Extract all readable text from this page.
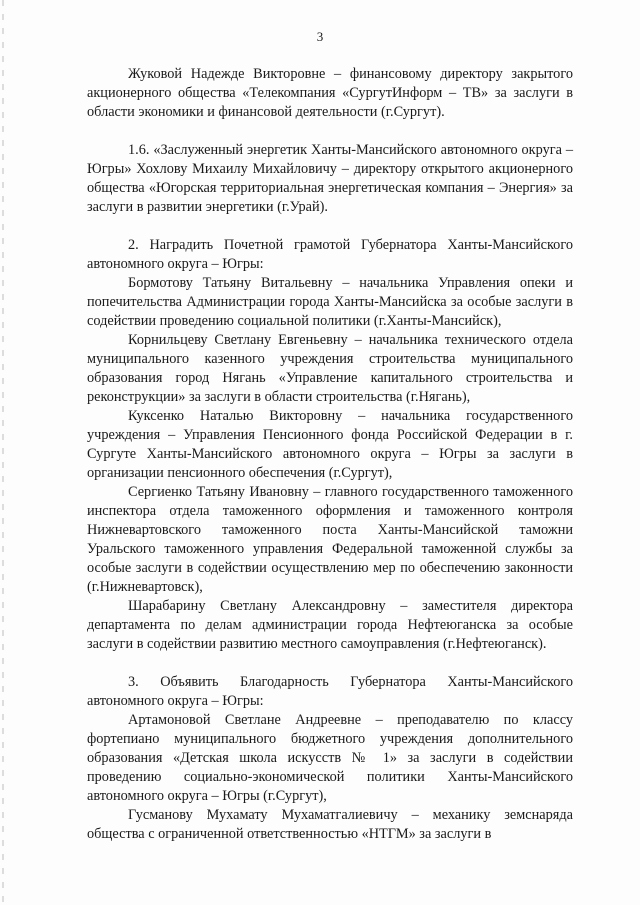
3

Жуковой Надежде Викторовне – финансовому директору закрытого акционерного общества «Телекомпания «СургутИнформ – ТВ» за заслуги в области экономики и финансовой деятельности (г.Сургут).

1.6. «Заслуженный энергетик Ханты-Мансийского автономного округа – Югры» Хохлову Михаилу Михайловичу – директору открытого акционерного общества «Югорская территориальная энергетическая компания – Энергия» за заслуги в развитии энергетики (г.Урай).

2. Наградить Почетной грамотой Губернатора Ханты-Мансийского автономного округа – Югры:

Бормотову Татьяну Витальевну – начальника Управления опеки и попечительства Администрации города Ханты-Мансийска за особые заслуги в содействии проведению социальной политики (г.Ханты-Мансийск),

Корнильцеву Светлану Евгеньевну – начальника технического отдела муниципального казенного учреждения строительства муниципального образования город Нягань «Управление капитального строительства и реконструкции» за заслуги в области строительства (г.Нягань),

Куксенко Наталью Викторовну – начальника государственного учреждения – Управления Пенсионного фонда Российской Федерации в г. Сургуте Ханты-Мансийского автономного округа – Югры за заслуги в организации пенсионного обеспечения (г.Сургут),

Сергиенко Татьяну Ивановну – главного государственного таможенного инспектора отдела таможенного оформления и таможенного контроля Нижневартовского таможенного поста Ханты-Мансийской таможни Уральского таможенного управления Федеральной таможенной службы за особые заслуги в содействии осуществлению мер по обеспечению законности (г.Нижневартовск),

Шарабарину Светлану Александровну – заместителя директора департамента по делам администрации города Нефтеюганска за особые заслуги в содействии развитию местного самоуправления (г.Нефтеюганск).

3. Объявить Благодарность Губернатора Ханты-Мансийского автономного округа – Югры:

Артамоновой Светлане Андреевне – преподавателю по классу фортепиано муниципального бюджетного учреждения дополнительного образования «Детская школа искусств № 1» за заслуги в содействии проведению социально-экономической политики Ханты-Мансийского автономного округа – Югры (г.Сургут),

Гусманову Мухамату Мухаматгалиевичу – механику земснаряда общества с ограниченной ответственностью «НТГМ» за заслуги в
